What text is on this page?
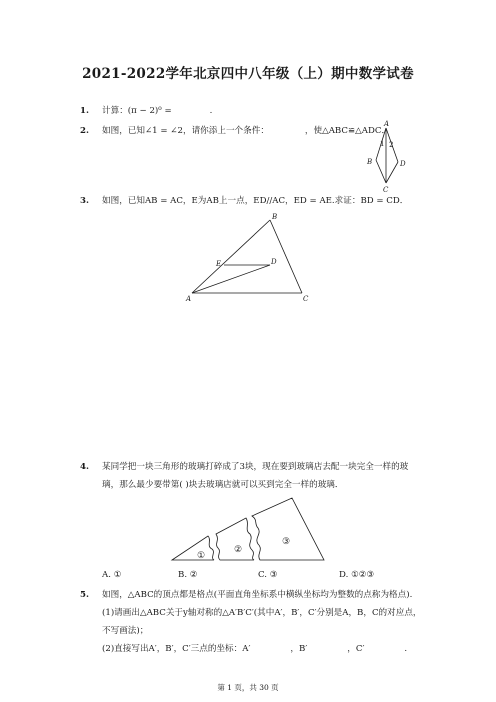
2021-2022学年北京四中八年级（上）期中数学试卷
1. 计算：(π − 2)⁰ =	.
2. 如图，已知∠1 = ∠2，请你添上一个条件：	，使△ABC≌△ADC．
A
B
C
D
1 2
3. 如图，已知AB = AC，E为AB上一点，ED//AC，ED = AE.求证：BD = CD．
B
E	D
A	C
4. 某同学把一块三角形的玻璃打碎成了3块，现在要到玻璃店去配一块完全一样的玻
璃，那么最少要带第( )块去玻璃店就可以买到完全一样的玻璃．
①
②
③
A. ①	B. ②	C. ③	D. ①②③
5. 如图，△ABC的顶点都是格点(平面直角坐标系中横纵坐标均为整数的点称为格点).
(1)请画出△ABC关于y轴对称的△A′B′C′(其中A′，B′，C′分别是A，B，C的对应点，
不写画法)；
(2)直接写出A′，B′，C′三点的坐标：A′	，B′	，C′	.
第 1 页，共 30 页
